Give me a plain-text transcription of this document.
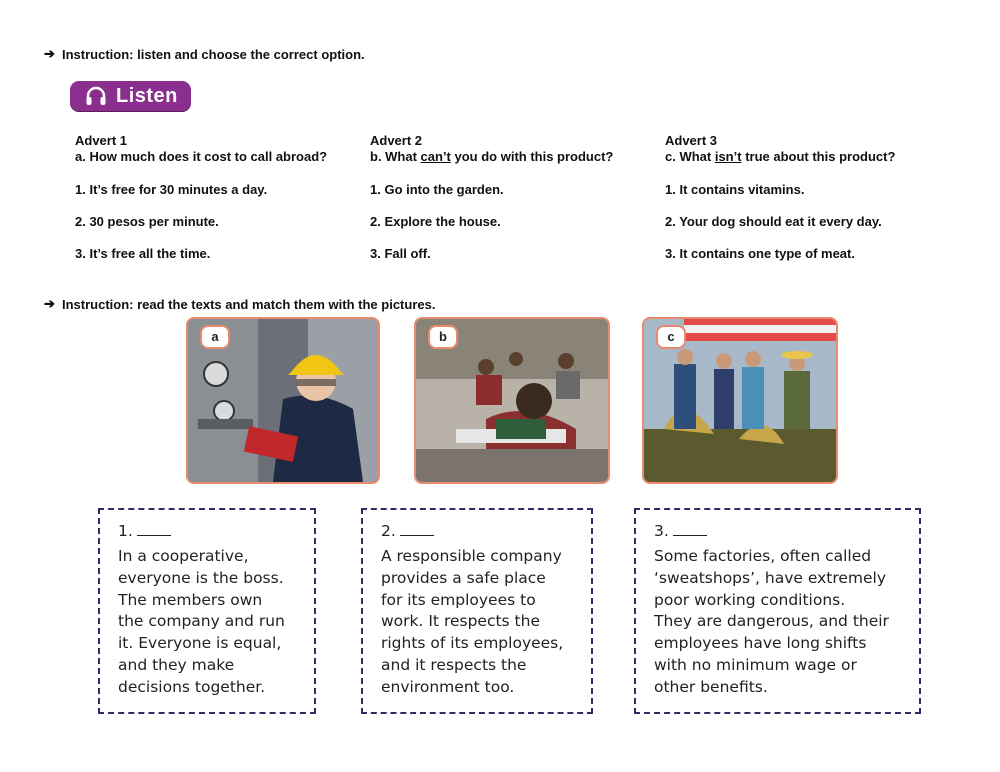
➔ Instruction: listen and choose the correct option.
Listen
Advert 1
a. How much does it cost to call abroad?
1. It’s free for 30 minutes a day.
2. 30 pesos per minute.
3. It’s free all the time.
Advert 2
b. What can’t you do with this product?
1. Go into the garden.
2. Explore the house.
3. Fall off.
Advert 3
c. What isn’t true about this product?
1. It contains vitamins.
2. Your dog should eat it every day.
3. It contains one type of meat.
➔ Instruction: read the texts and match them with the pictures.
a	b	c
1.
In a cooperative,
everyone is the boss.
The members own
the company and run
it. Everyone is equal,
and they make
decisions together.
2.
A responsible company
provides a safe place
for its employees to
work. It respects the
rights of its employees,
and it respects the
environment too.
3.
Some factories, often called
‘sweatshops’, have extremely
poor working conditions.
They are dangerous, and their
employees have long shifts
with no minimum wage or
other benefits.
